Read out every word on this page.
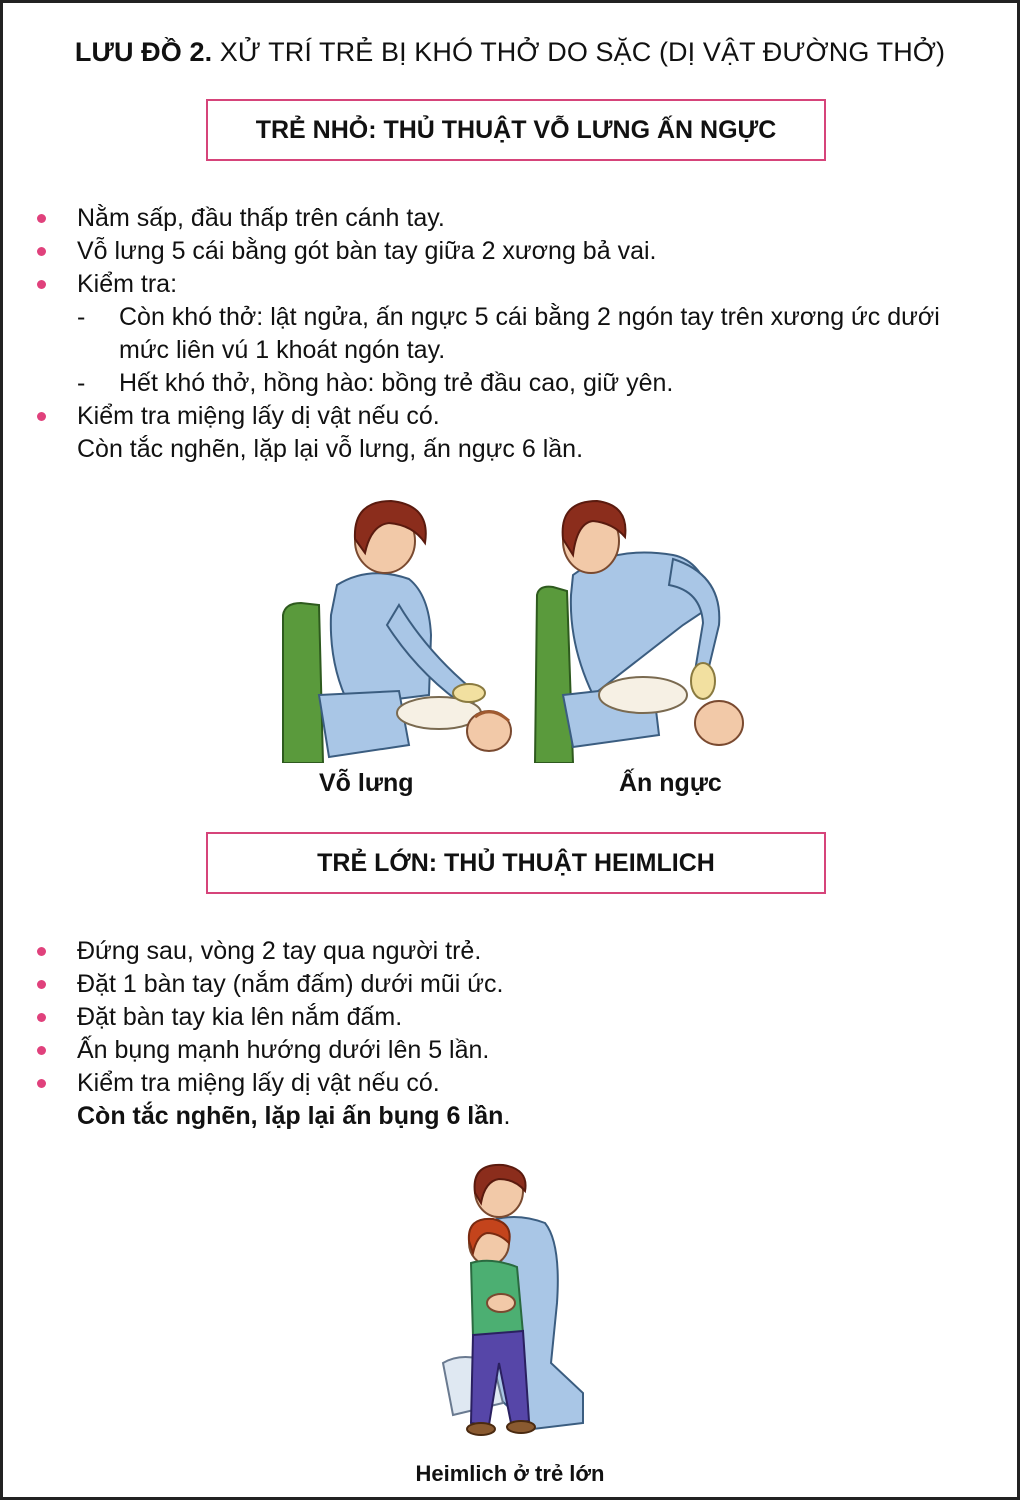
LƯU ĐỒ 2. XỬ TRÍ TRẺ BỊ KHÓ THỞ DO SẶC (DỊ VẬT ĐƯỜNG THỞ)
TRẺ NHỎ: THỦ THUẬT VỖ LƯNG ẤN NGỰC
Nằm sấp, đầu thấp trên cánh tay.
Vỗ lưng 5 cái bằng gót bàn tay giữa 2 xương bả vai.
Kiểm tra:
- Còn khó thở: lật ngửa, ấn ngực 5 cái bằng 2 ngón tay trên xương ức dưới
mức liên vú 1 khoát ngón tay.
- Hết khó thở, hồng hào: bồng trẻ đầu cao, giữ yên.
Kiểm tra miệng lấy dị vật nếu có.
Còn tắc nghẽn, lặp lại vỗ lưng, ấn ngực 6 lần.
Vỗ lưng	Ấn ngực
TRẺ LỚN: THỦ THUẬT HEIMLICH
Đứng sau, vòng 2 tay qua người trẻ.
Đặt 1 bàn tay (nắm đấm) dưới mũi ức.
Đặt bàn tay kia lên nắm đấm.
Ấn bụng mạnh hướng dưới lên 5 lần.
Kiểm tra miệng lấy dị vật nếu có.
Còn tắc nghẽn, lặp lại ấn bụng 6 lần.
Heimlich ở trẻ lớn
